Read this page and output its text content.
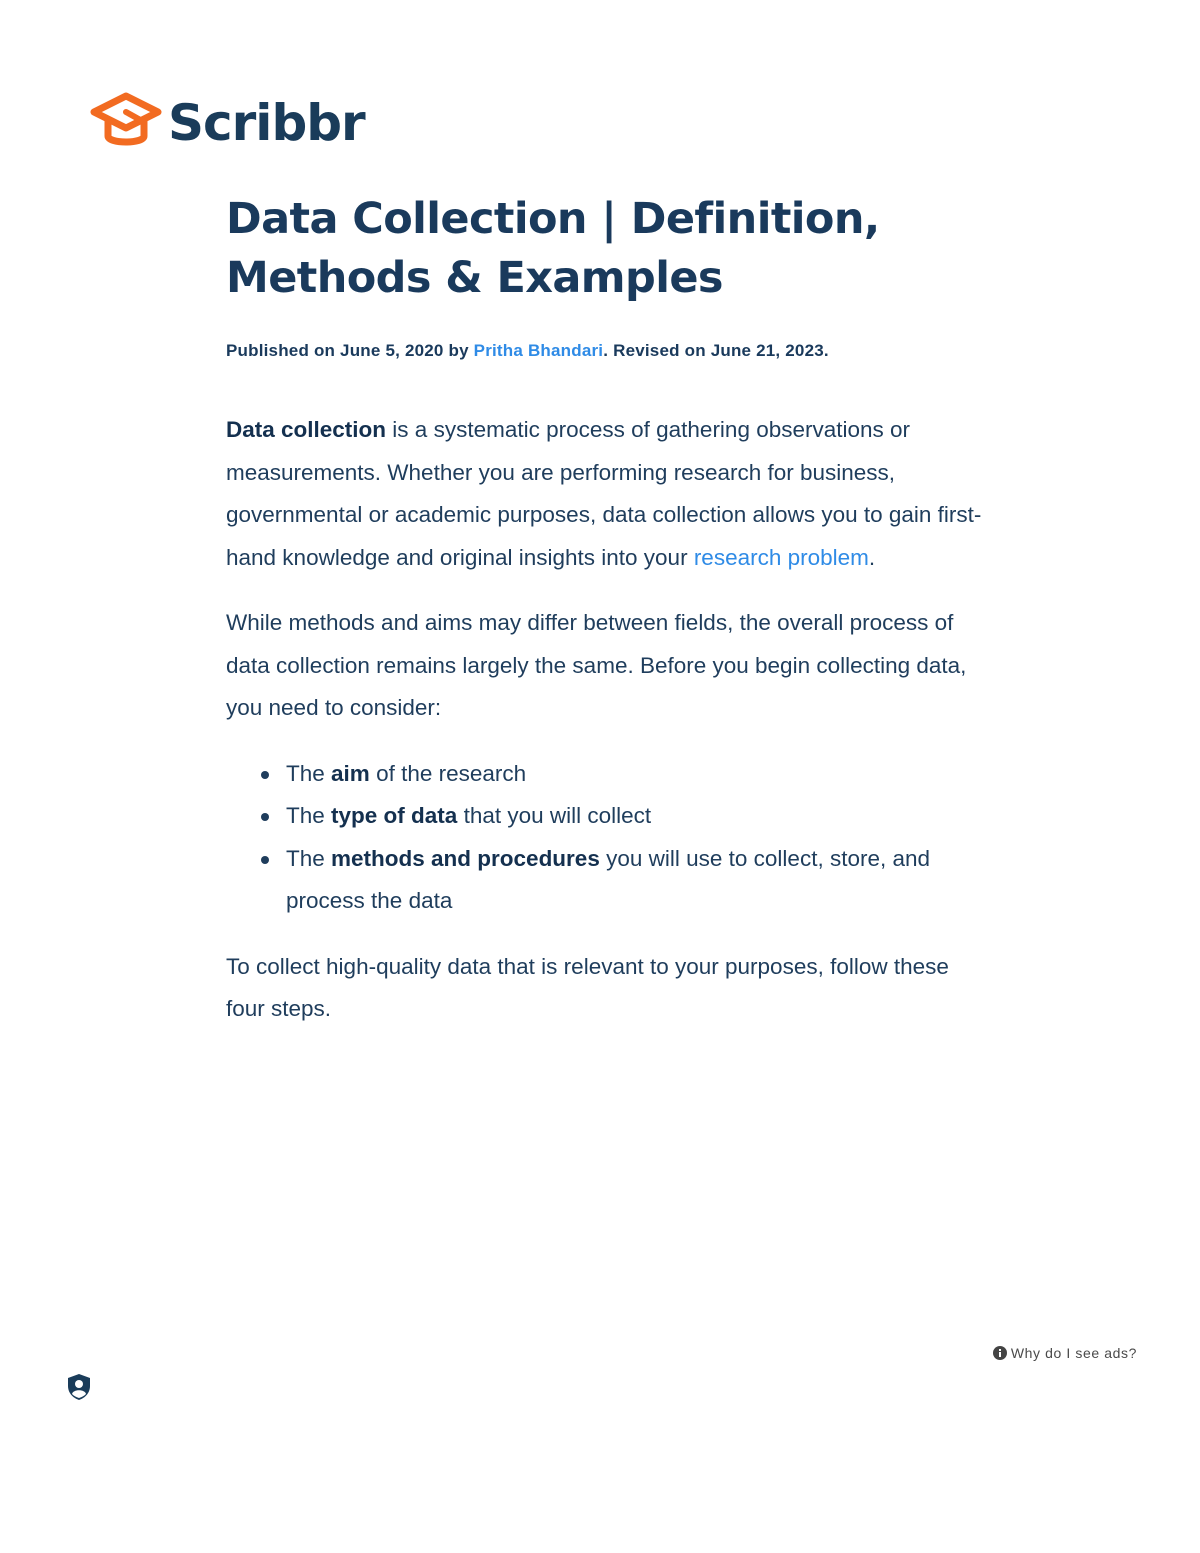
Scribbr
Data Collection | Definition, Methods & Examples
Published on June 5, 2020 by Pritha Bhandari. Revised on June 21, 2023.

Data collection is a systematic process of gathering observations or measurements. Whether you are performing research for business, governmental or academic purposes, data collection allows you to gain first-hand knowledge and original insights into your research problem.

While methods and aims may differ between fields, the overall process of data collection remains largely the same. Before you begin collecting data, you need to consider:

The aim of the research
The type of data that you will collect
The methods and procedures you will use to collect, store, and process the data

To collect high-quality data that is relevant to your purposes, follow these four steps.

Why do I see ads?
